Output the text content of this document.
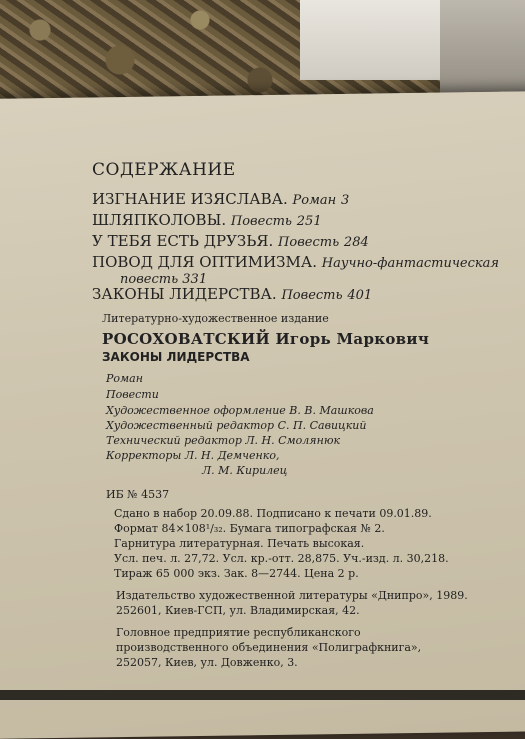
СОДЕРЖАНИЕ
ИЗГНАНИЕ ИЗЯСЛАВА. Роман 3
ШЛЯПКОЛОВЫ. Повесть 251
У ТЕБЯ ЕСТЬ ДРУЗЬЯ. Повесть 284
ПОВОД ДЛЯ ОПТИМИЗМА. Научно-фантастическая
повесть 331
ЗАКОНЫ ЛИДЕРСТВА. Повесть 401
Литературно-художественное издание
РОСОХОВАТСКИЙ Игорь Маркович
ЗАКОНЫ ЛИДЕРСТВА
Роман
Повести
Художественное оформление В. В. Машкова
Художественный редактор С. П. Савицкий
Технический редактор Л. Н. Смолянюк
Корректоры Л. Н. Демченко,
Л. М. Кирилец
ИБ № 4537
Сдано в набор 20.09.88. Подписано к печати 09.01.89.
Формат 84×108¹/₃₂. Бумага типографская № 2.
Гарнитура литературная. Печать высокая.
Усл. печ. л. 27,72. Усл. кр.-отт. 28,875. Уч.-изд. л. 30,218.
Тираж 65 000 экз. Зак. 8—2744. Цена 2 р.
Издательство художественной литературы «Днипро», 1989.
252601, Киев-ГСП, ул. Владимирская, 42.
Головное предприятие республиканского
производственного объединения «Полиграфкнига»,
252057, Киев, ул. Довженко, 3.
